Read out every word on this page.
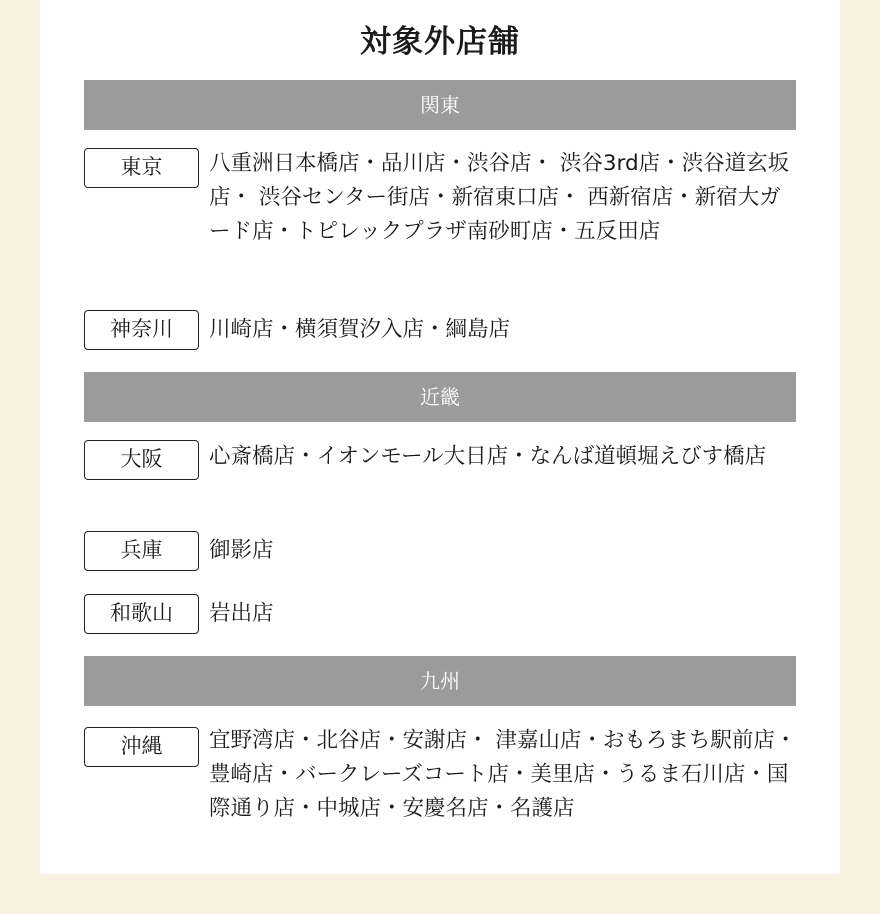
対象外店舗
関東
東京	八重洲日本橋店・品川店・渋谷店・ 渋谷3rd店・渋谷道玄坂店・ 渋谷センター街店・新宿東口店・ 西新宿店・新宿大ガード店・トピレックプラザ南砂町店・五反田店
神奈川	川崎店・横須賀汐入店・綱島店
近畿
大阪	心斎橋店・イオンモール大日店・なんば道頓堀えびす橋店
兵庫	御影店
和歌山	岩出店
九州
沖縄	宜野湾店・北谷店・安謝店・ 津嘉山店・おもろまち駅前店・ 豊崎店・バークレーズコート店・美里店・うるま石川店・国際通り店・中城店・安慶名店・名護店
